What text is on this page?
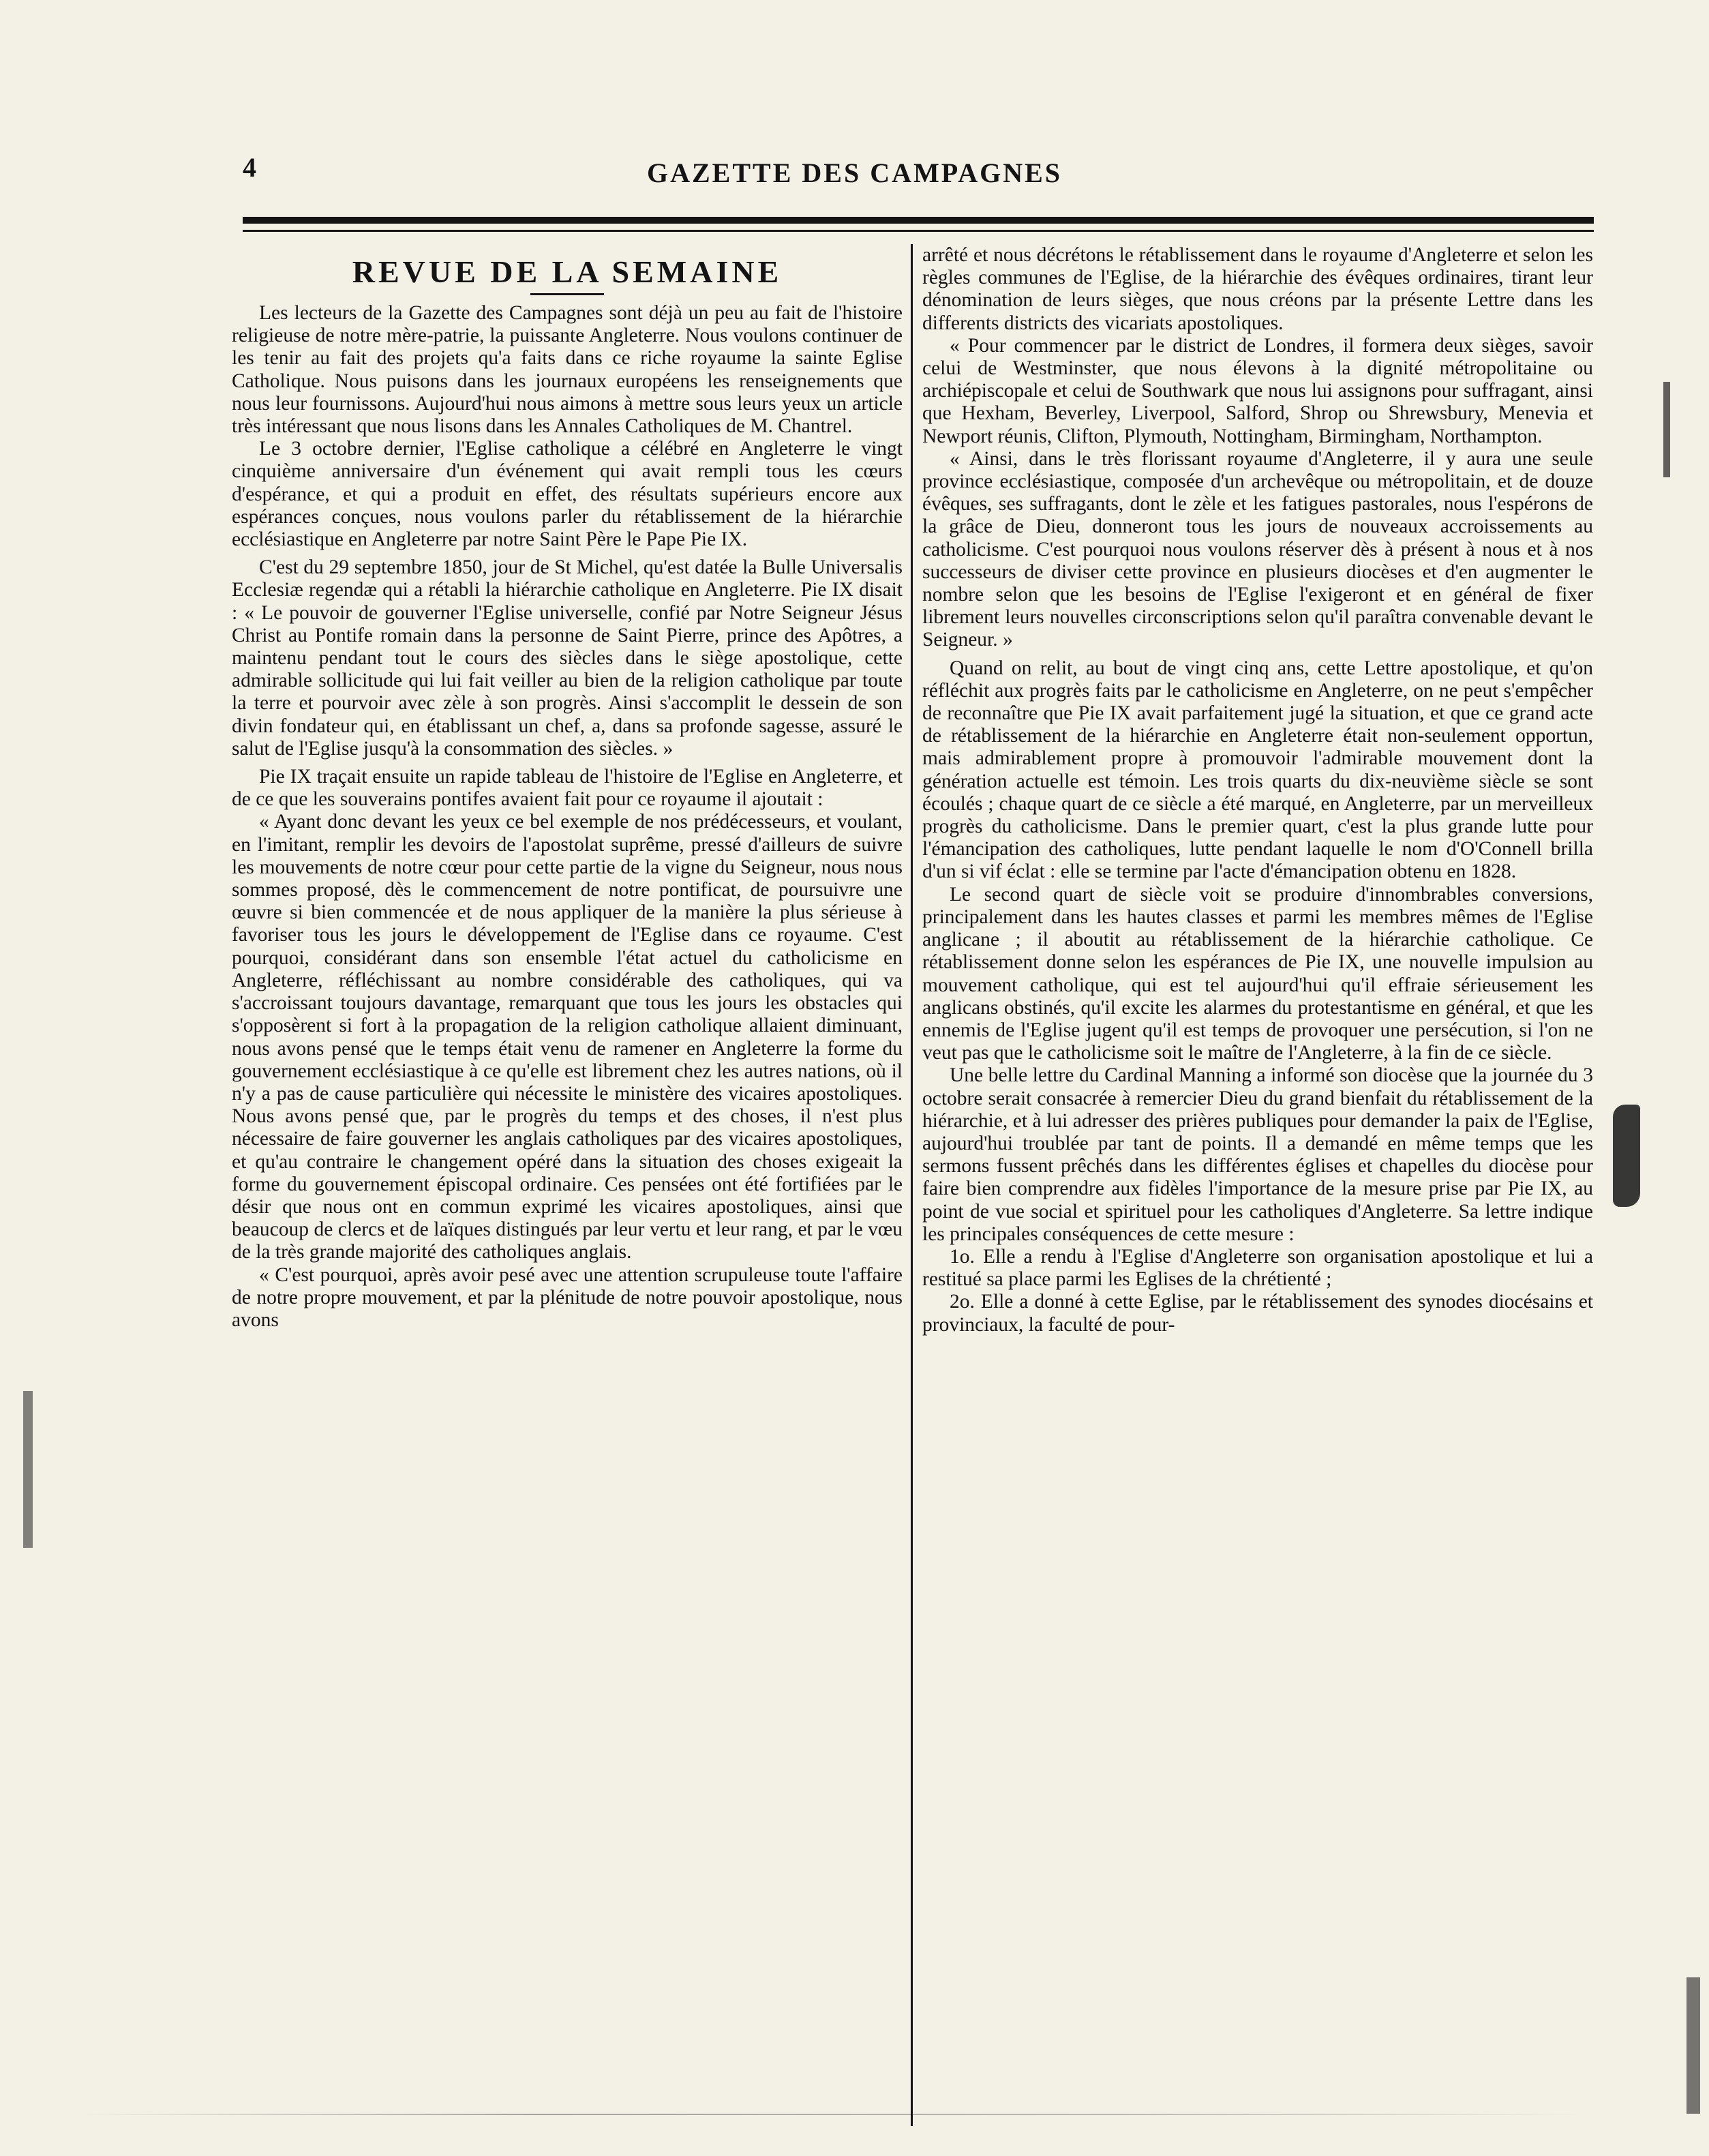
4	GAZETTE DES CAMPAGNES
REVUE DE LA SEMAINE

Les lecteurs de la Gazette des Campagnes sont déjà un peu au fait de l'histoire religieuse de notre mère-patrie, la puissante Angleterre. Nous voulons continuer de les tenir au fait des projets qu'a faits dans ce riche royaume la sainte Eglise Catholique. Nous puisons dans les journaux européens les renseignements que nous leur fournissons. Aujourd'hui nous aimons à mettre sous leurs yeux un article très intéressant que nous lisons dans les Annales Catholiques de M. Chantrel.

Le 3 octobre dernier, l'Eglise catholique a célébré en Angleterre le vingt cinquième anniversaire d'un événement qui avait rempli tous les cœurs d'espérance, et qui a produit en effet, des résultats supérieurs encore aux espérances conçues, nous voulons parler du rétablissement de la hiérarchie ecclésiastique en Angleterre par notre Saint Père le Pape Pie IX.

C'est du 29 septembre 1850, jour de St Michel, qu'est datée la Bulle Universalis Ecclesiæ regendæ qui a rétabli la hiérarchie catholique en Angleterre. Pie IX disait : « Le pouvoir de gouverner l'Eglise universelle, confié par Notre Seigneur Jésus Christ au Pontife romain dans la personne de Saint Pierre, prince des Apôtres, a maintenu pendant tout le cours des siècles dans le siège apostolique, cette admirable sollicitude qui lui fait veiller au bien de la religion catholique par toute la terre et pourvoir avec zèle à son progrès. Ainsi s'accomplit le dessein de son divin fondateur qui, en établissant un chef, a, dans sa profonde sagesse, assuré le salut de l'Eglise jusqu'à la consommation des siècles. »

Pie IX traçait ensuite un rapide tableau de l'histoire de l'Eglise en Angleterre, et de ce que les souverains pontifes avaient fait pour ce royaume il ajoutait :

« Ayant donc devant les yeux ce bel exemple de nos prédécesseurs, et voulant, en l'imitant, remplir les devoirs de l'apostolat suprême, pressé d'ailleurs de suivre les mouvements de notre cœur pour cette partie de la vigne du Seigneur, nous nous sommes proposé, dès le commencement de notre pontificat, de poursuivre une œuvre si bien commencée et de nous appliquer de la manière la plus sérieuse à favoriser tous les jours le développement de l'Eglise dans ce royaume. C'est pourquoi, considérant dans son ensemble l'état actuel du catholicisme en Angleterre, réfléchissant au nombre considérable des catholiques, qui va s'accroissant toujours davantage, remarquant que tous les jours les obstacles qui s'opposèrent si fort à la propagation de la religion catholique allaient diminuant, nous avons pensé que le temps était venu de ramener en Angleterre la forme du gouvernement ecclésiastique à ce qu'elle est librement chez les autres nations, où il n'y a pas de cause particulière qui nécessite le ministère des vicaires apostoliques. Nous avons pensé que, par le progrès du temps et des choses, il n'est plus nécessaire de faire gouverner les anglais catholiques par des vicaires apostoliques, et qu'au contraire le changement opéré dans la situation des choses exigeait la forme du gouvernement épiscopal ordinaire. Ces pensées ont été fortifiées par le désir que nous ont en commun exprimé les vicaires apostoliques, ainsi que beaucoup de clercs et de laïques distingués par leur vertu et leur rang, et par le vœu de la très grande majorité des catholiques anglais.

« C'est pourquoi, après avoir pesé avec une attention scrupuleuse toute l'affaire de notre propre mouvement, et par la plénitude de notre pouvoir apostolique, nous avons

arrêté et nous décrétons le rétablissement dans le royaume d'Angleterre et selon les règles communes de l'Eglise, de la hiérarchie des évêques ordinaires, tirant leur dénomination de leurs sièges, que nous créons par la présente Lettre dans les differents districts des vicariats apostoliques.

« Pour commencer par le district de Londres, il formera deux sièges, savoir celui de Westminster, que nous élevons à la dignité métropolitaine ou archiépiscopale et celui de Southwark que nous lui assignons pour suffragant, ainsi que Hexham, Beverley, Liverpool, Salford, Shrop ou Shrewsbury, Menevia et Newport réunis, Clifton, Plymouth, Nottingham, Birmingham, Northampton.

« Ainsi, dans le très florissant royaume d'Angleterre, il y aura une seule province ecclésiastique, composée d'un archevêque ou métropolitain, et de douze évêques, ses suffragants, dont le zèle et les fatigues pastorales, nous l'espérons de la grâce de Dieu, donneront tous les jours de nouveaux accroissements au catholicisme. C'est pourquoi nous voulons réserver dès à présent à nous et à nos successeurs de diviser cette province en plusieurs diocèses et d'en augmenter le nombre selon que les besoins de l'Eglise l'exigeront et en général de fixer librement leurs nouvelles circonscriptions selon qu'il paraîtra convenable devant le Seigneur. »

Quand on relit, au bout de vingt cinq ans, cette Lettre apostolique, et qu'on réfléchit aux progrès faits par le catholicisme en Angleterre, on ne peut s'empêcher de reconnaître que Pie IX avait parfaitement jugé la situation, et que ce grand acte de rétablissement de la hiérarchie en Angleterre était non-seulement opportun, mais admirablement propre à promouvoir l'admirable mouvement dont la génération actuelle est témoin. Les trois quarts du dix-neuvième siècle se sont écoulés ; chaque quart de ce siècle a été marqué, en Angleterre, par un merveilleux progrès du catholicisme. Dans le premier quart, c'est la plus grande lutte pour l'émancipation des catholiques, lutte pendant laquelle le nom d'O'Connell brilla d'un si vif éclat : elle se termine par l'acte d'émancipation obtenu en 1828.

Le second quart de siècle voit se produire d'innombrables conversions, principalement dans les hautes classes et parmi les membres mêmes de l'Eglise anglicane ; il aboutit au rétablissement de la hiérarchie catholique. Ce rétablissement donne selon les espérances de Pie IX, une nouvelle impulsion au mouvement catholique, qui est tel aujourd'hui qu'il effraie sérieusement les anglicans obstinés, qu'il excite les alarmes du protestantisme en général, et que les ennemis de l'Eglise jugent qu'il est temps de provoquer une persécution, si l'on ne veut pas que le catholicisme soit le maître de l'Angleterre, à la fin de ce siècle.

Une belle lettre du Cardinal Manning a informé son diocèse que la journée du 3 octobre serait consacrée à remercier Dieu du grand bienfait du rétablissement de la hiérarchie, et à lui adresser des prières publiques pour demander la paix de l'Eglise, aujourd'hui troublée par tant de points. Il a demandé en même temps que les sermons fussent prêchés dans les différentes églises et chapelles du diocèse pour faire bien comprendre aux fidèles l'importance de la mesure prise par Pie IX, au point de vue social et spirituel pour les catholiques d'Angleterre. Sa lettre indique les principales conséquences de cette mesure :

1o. Elle a rendu à l'Eglise d'Angleterre son organisation apostolique et lui a restitué sa place parmi les Eglises de la chrétienté ;

2o. Elle a donné à cette Eglise, par le rétablissement des synodes diocésains et provinciaux, la faculté de pour-
